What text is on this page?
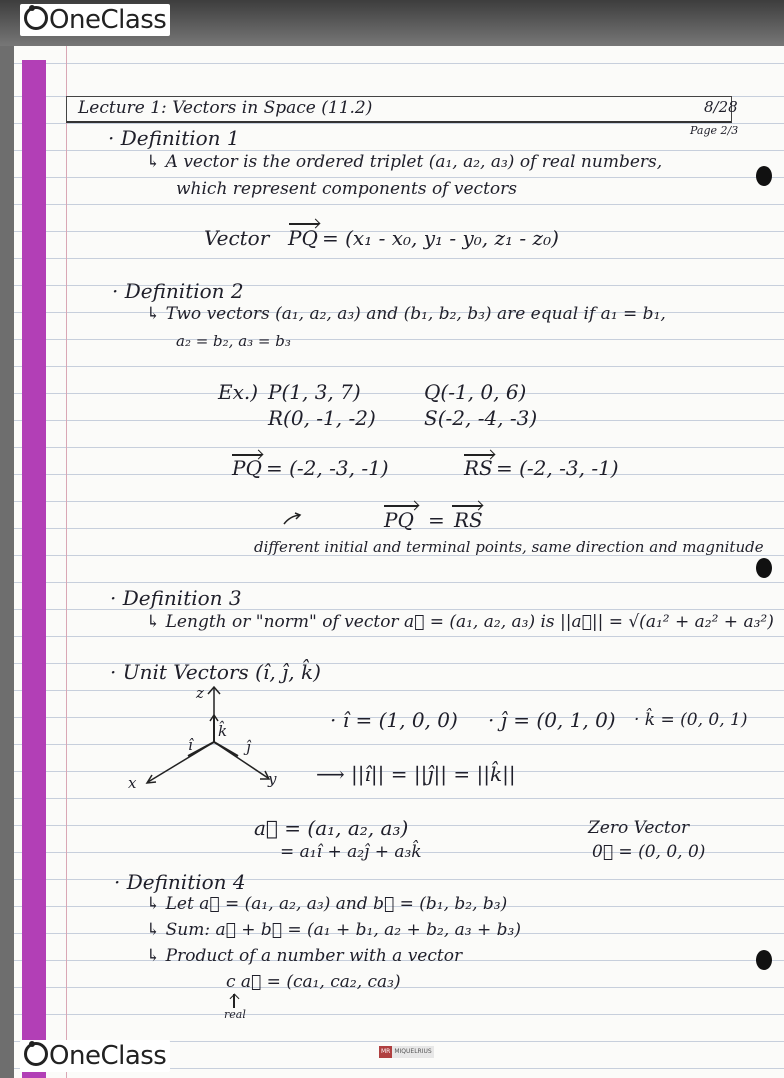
OneClass
Lecture 1: Vectors in Space (11.2)	8/28
Page 2/3
· Definition 1
↳ A vector is the ordered triplet (a₁, a₂, a₃) of real numbers,
which represent components of vectors
Vector PQ = (x₁ - x₀, y₁ - y₀, z₁ - z₀)
· Definition 2
↳ Two vectors (a₁, a₂, a₃) and (b₁, b₂, b₃) are equal if a₁ = b₁,
a₂ = b₂, a₃ = b₃
Ex.) P(1, 3, 7)	Q(-1, 0, 6)
R(0, -1, -2) S(-2, -4, -3)
PQ = (-2, -3, -1)	RS = (-2, -3, -1)
PQ = RS
different initial and terminal points, same direction and magnitude
· Definition 3
↳ Length or "norm" of vector a⃗ = (a₁, a₂, a₃) is ||a⃗|| = √(a₁² + a₂² + a₃²)
· Unit Vectors (î, ĵ, k̂)
z
x	y
k̂
î	ĵ
· î = (1, 0, 0) · ĵ = (0, 1, 0) · k̂ = (0, 0, 1)
⟶ ||î|| = ||ĵ|| = ||k̂||
a⃗ = (a₁, a₂, a₃)
= a₁î + a₂ĵ + a₃k̂
Zero Vector
0⃗ = (0, 0, 0)
· Definition 4
↳ Let a⃗ = (a₁, a₂, a₃) and b⃗ = (b₁, b₂, b₃)
↳ Sum: a⃗ + b⃗ = (a₁ + b₁, a₂ + b₂, a₃ + b₃)
↳ Product of a number with a vector
c a⃗ = (ca₁, ca₂, ca₃)
real
MR MIQUELRIUS
OneClass
